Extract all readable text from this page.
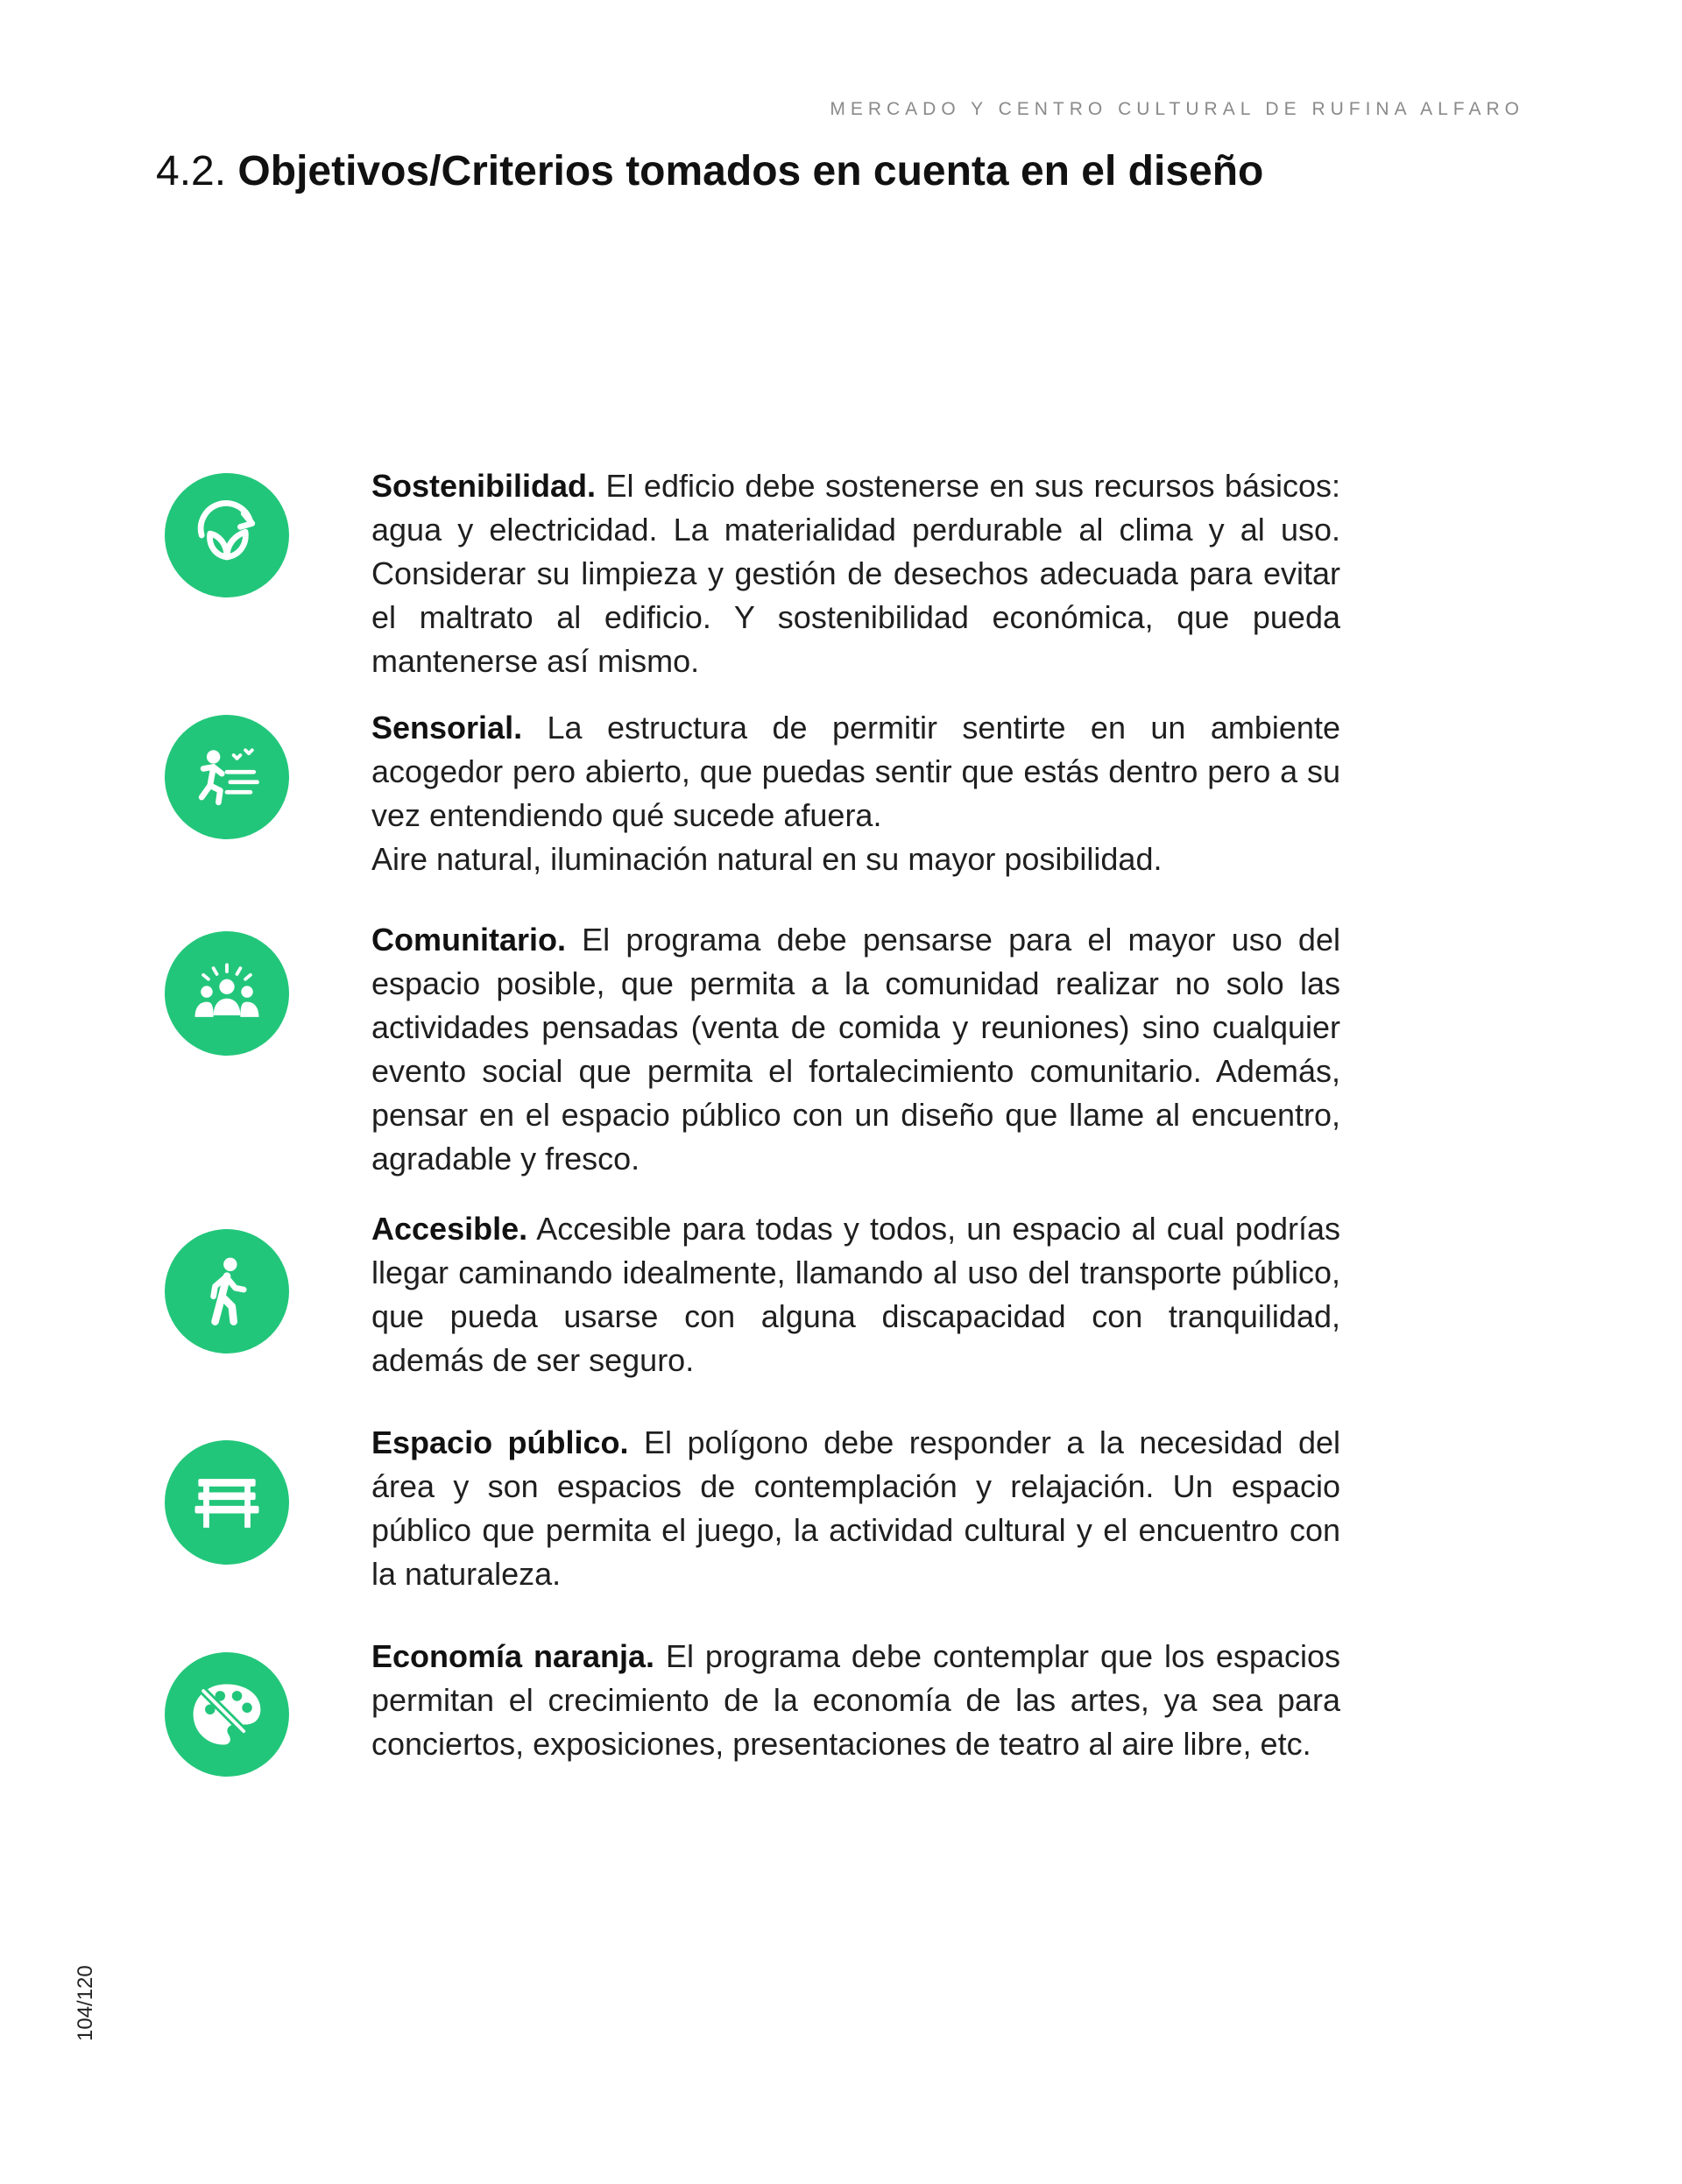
MERCADO Y CENTRO CULTURAL DE RUFINA ALFARO
4.2. Objetivos/Criterios tomados en cuenta en el diseño

Sostenibilidad. El edficio debe sostenerse en sus recursos básicos: agua y electricidad. La materialidad perdurable al clima y al uso. Considerar su limpieza y gestión de desechos adecuada para evitar el maltrato al edificio. Y sostenibilidad económica, que pueda mantenerse así mismo.

Sensorial. La estructura de permitir sentirte en un ambiente acogedor pero abierto, que puedas sentir que estás dentro pero a su vez entendiendo qué sucede afuera.
Aire natural, iluminación natural en su mayor posibilidad.

Comunitario. El programa debe pensarse para el mayor uso del espacio posible, que permita a la comunidad realizar no solo las actividades pensadas (venta de comida y reuniones) sino cualquier evento social que permita el fortalecimiento comunitario. Además, pensar en el espacio público con un diseño que llame al encuentro, agradable y fresco.

Accesible. Accesible para todas y todos, un espacio al cual podrías llegar caminando idealmente, llamando al uso del transporte público, que pueda usarse con alguna discapacidad con tranquilidad, además de ser seguro.

Espacio público. El polígono debe responder a la necesidad del área y son espacios de contemplación y relajación. Un espacio público que permita el juego, la actividad cultural y el encuentro con la naturaleza.

Economía naranja. El programa debe contemplar que los espacios permitan el crecimiento de la economía de las artes, ya sea para conciertos, exposiciones, presentaciones de teatro al aire libre, etc.

104/120
